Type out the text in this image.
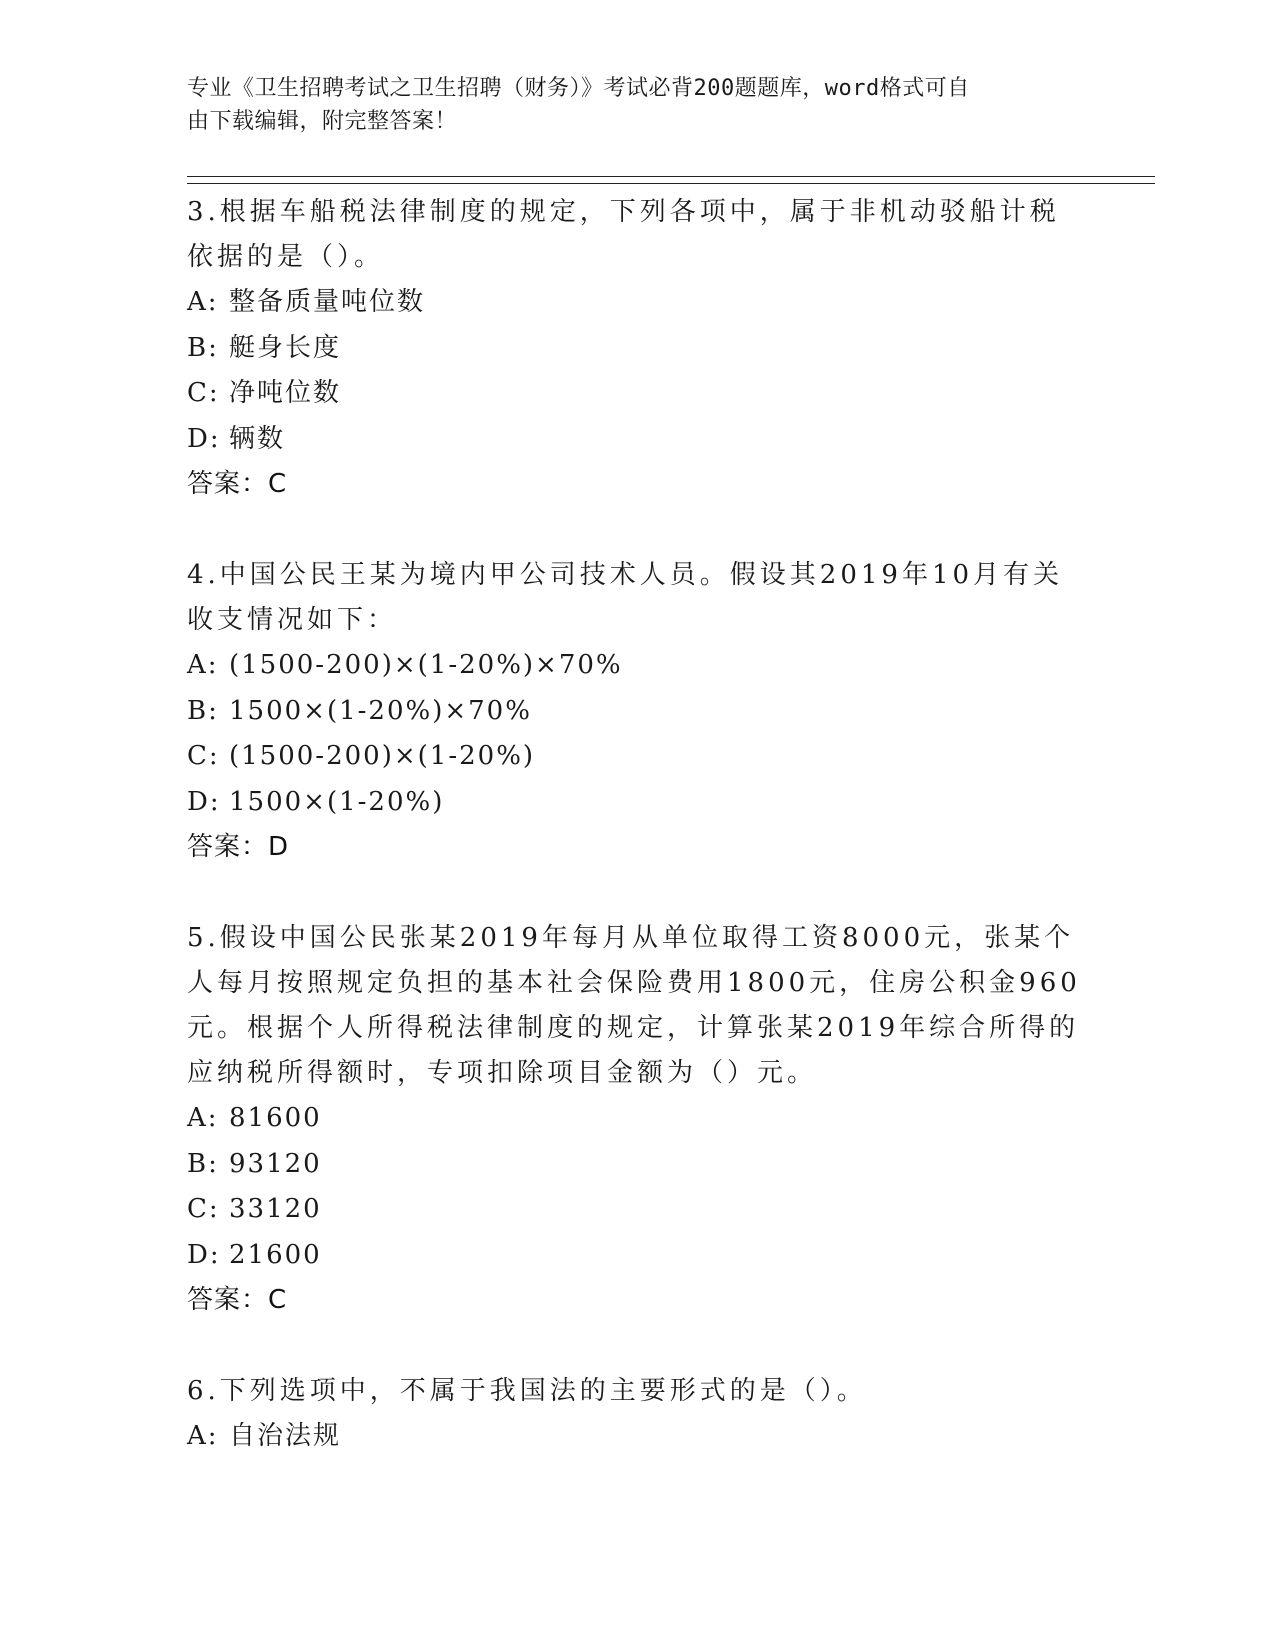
专业《卫生招聘考试之卫生招聘（财务）》考试必背200题题库，word格式可自
由下载编辑，附完整答案！
3.根据车船税法律制度的规定，下列各项中，属于非机动驳船计税依据的是（）。
A: 整备质量吨位数
B: 艇身长度
C: 净吨位数
D: 辆数
答案：C
4.中国公民王某为境内甲公司技术人员。假设其2019年10月有关收支情况如下：
A: (1500-200)×(1-20%)×70%
B: 1500×(1-20%)×70%
C: (1500-200)×(1-20%)
D: 1500×(1-20%)
答案：D
5.假设中国公民张某2019年每月从单位取得工资8000元，张某个人每月按照规定负担的基本社会保险费用1800元，住房公积金960元。根据个人所得税法律制度的规定，计算张某2019年综合所得的应纳税所得额时，专项扣除项目金额为（）元。
A: 81600
B: 93120
C: 33120
D: 21600
答案：C
6.下列选项中，不属于我国法的主要形式的是（）。
A: 自治法规
